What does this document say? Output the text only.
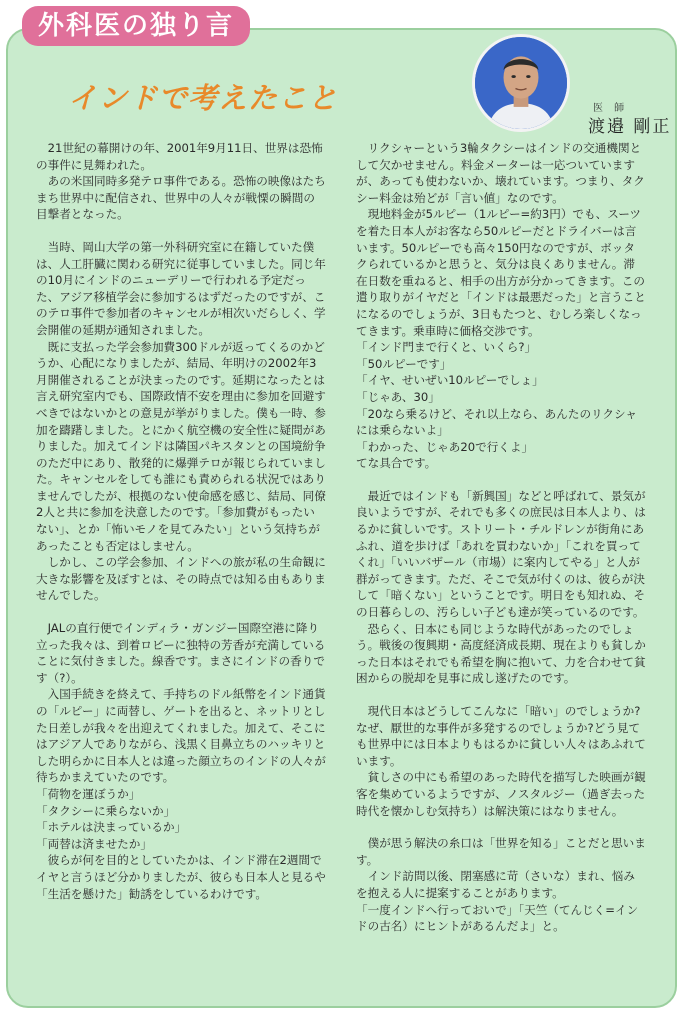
外科医の独り言
インドで考えたこと	医 師
渡邉 剛正

　21世紀の幕開けの年、2001年9月11日、世界は恐怖の事件に見舞われた。

　あの米国同時多発テロ事件である。恐怖の映像はたちまち世界中に配信され、世界中の人々が戦慄の瞬間の目撃者となった。

　当時、岡山大学の第一外科研究室に在籍していた僕は、人工肝臓に関わる研究に従事していました。同じ年の10月にインドのニューデリーで行われる予定だった、アジア移植学会に参加するはずだったのですが、このテロ事件で参加者のキャンセルが相次いだらしく、学会開催の延期が通知されました。

　既に支払った学会参加費300ドルが返ってくるのかどうか、心配になりましたが、結局、年明けの2002年3月開催されることが決まったのです。延期になったとは言え研究室内でも、国際政情不安を理由に参加を回避すべきではないかとの意見が挙がりました。僕も一時、参加を躊躇しました。とにかく航空機の安全性に疑問がありました。加えてインドは隣国パキスタンとの国境紛争のただ中にあり、散発的に爆弾テロが報じられていました。キャンセルをしても誰にも責められる状況ではありませんでしたが、根拠のない使命感を感じ、結局、同僚2人と共に参加を決意したのです。「参加費がもったいない」、とか「怖いモノを見てみたい」という気持ちがあったことも否定はしません。

　しかし、この学会参加、インドへの旅が私の生命観に大きな影響を及ぼすとは、その時点では知る由もありませんでした。

　JALの直行便でインディラ・ガンジー国際空港に降り立った我々は、到着ロビーに独特の芳香が充満していることに気付きました。線香です。まさにインドの香りです（?）。

　入国手続きを終えて、手持ちのドル紙幣をインド通貨の「ルピー」に両替し、ゲートを出ると、ネットリとした日差しが我々を出迎えてくれました。加えて、そこにはアジア人でありながら、浅黒く目鼻立ちのハッキリとした明らかに日本人とは違った顔立ちのインドの人々が待ちかまえていたのです。

「荷物を運ぼうか」

「タクシーに乗らないか」

「ホテルは決まっているか」

「両替は済ませたか」

　彼らが何を目的としていたかは、インド滞在2週間でイヤと言うほど分かりましたが、彼らも日本人と見るや「生活を懸けた」勧誘をしているわけです。

　リクシャーという3輪タクシーはインドの交通機関として欠かせません。料金メーターは一応ついていますが、あっても使わないか、壊れています。つまり、タクシー料金は殆どが「言い値」なのです。

　現地料金が5ルピー（1ルピー=約3円）でも、スーツを着た日本人がお客なら50ルピーだとドライバーは言います。50ルピーでも高々150円なのですが、ボッタクられているかと思うと、気分は良くありません。滞在日数を重ねると、相手の出方が分かってきます。この遣り取りがイヤだと「インドは最悪だった」と言うことになるのでしょうが、3日もたつと、むしろ楽しくなってきます。乗車時に価格交渉です。

「インド門まで行くと、いくら?」

「50ルピーです」

「イヤ、せいぜい10ルピーでしょ」

「じゃあ、30」

「20なら乗るけど、それ以上なら、あんたのリクシャには乗らないよ」

「わかった、じゃあ20で行くよ」

てな具合です。

　最近ではインドも「新興国」などと呼ばれて、景気が良いようですが、それでも多くの庶民は日本人より、はるかに貧しいです。ストリート・チルドレンが街角にあふれ、道を歩けば「あれを買わないか」「これを買ってくれ」「いいバザール（市場）に案内してやる」と人が群がってきます。ただ、そこで気が付くのは、彼らが決して「暗くない」ということです。明日をも知れぬ、その日暮らしの、汚らしい子ども達が笑っているのです。

　恐らく、日本にも同じような時代があったのでしょう。戦後の復興期・高度経済成長期、現在よりも貧しかった日本はそれでも希望を胸に抱いて、力を合わせて貧困からの脱却を見事に成し遂げたのです。

　現代日本はどうしてこんなに「暗い」のでしょうか?なぜ、厭世的な事件が多発するのでしょうか?どう見ても世界中には日本よりもはるかに貧しい人々はあふれています。

　貧しさの中にも希望のあった時代を描写した映画が観客を集めているようですが、ノスタルジー（過ぎ去った時代を懐かしむ気持ち）は解決策にはなりません。

　僕が思う解決の糸口は「世界を知る」ことだと思います。

　インド訪問以後、閉塞感に苛（さいな）まれ、悩みを抱える人に提案することがあります。

「一度インドへ行っておいで」「天竺（てんじく=インドの古名）にヒントがあるんだよ」と。
